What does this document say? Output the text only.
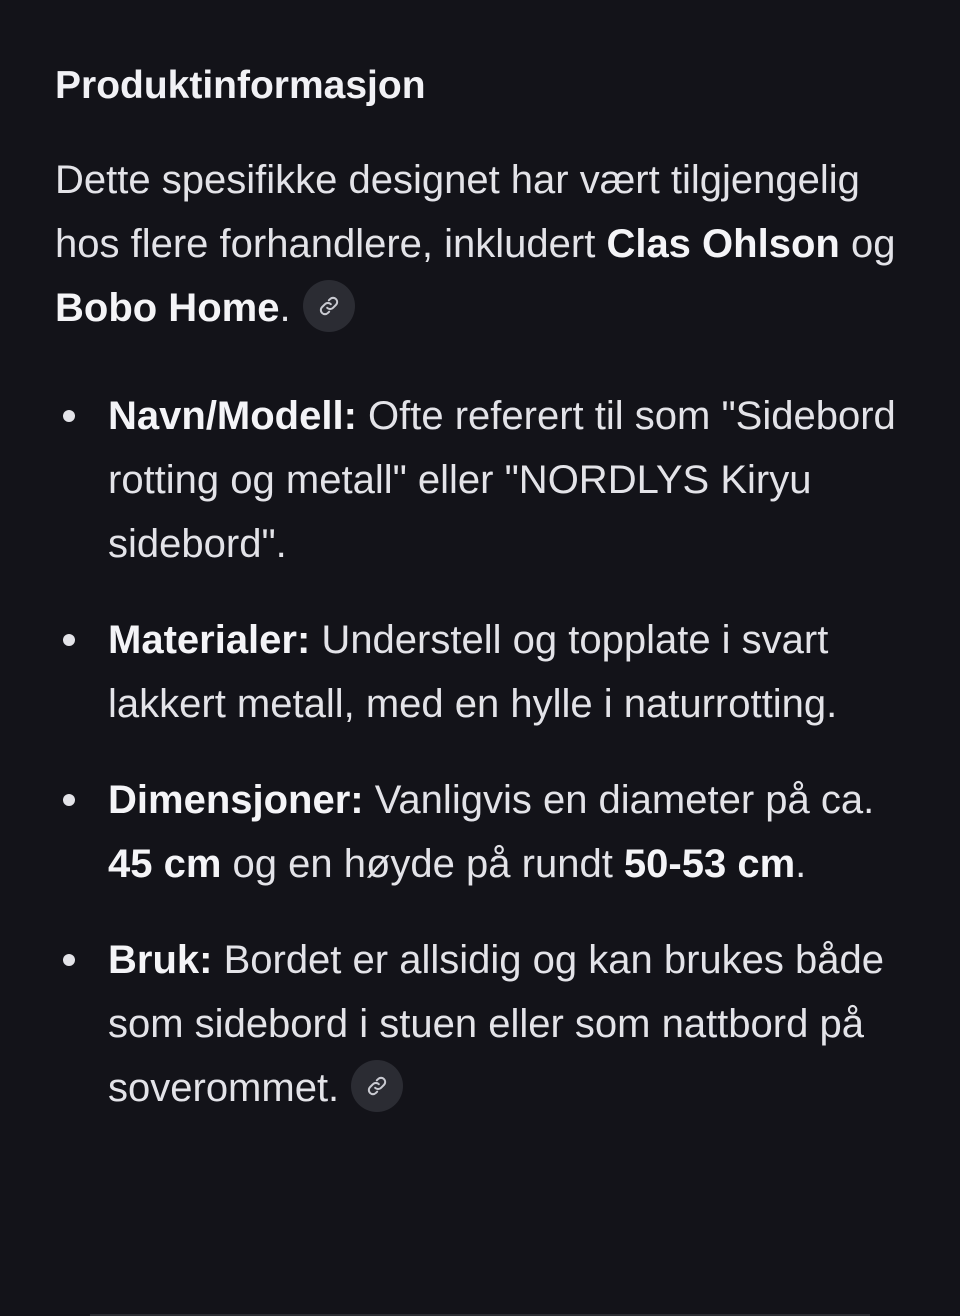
Produktinformasjon

Dette spesifikke designet har vært tilgjengelig hos flere forhandlere, inkludert Clas Ohlson og Bobo Home.

Navn/Modell: Ofte referert til som "Sidebord rotting og metall" eller "NORDLYS Kiryu sidebord".
Materialer: Understell og topplate i svart lakkert metall, med en hylle i naturrotting.
Dimensjoner: Vanligvis en diameter på ca. 45 cm og en høyde på rundt 50-53 cm.
Bruk: Bordet er allsidig og kan brukes både som sidebord i stuen eller som nattbord på soverommet.
